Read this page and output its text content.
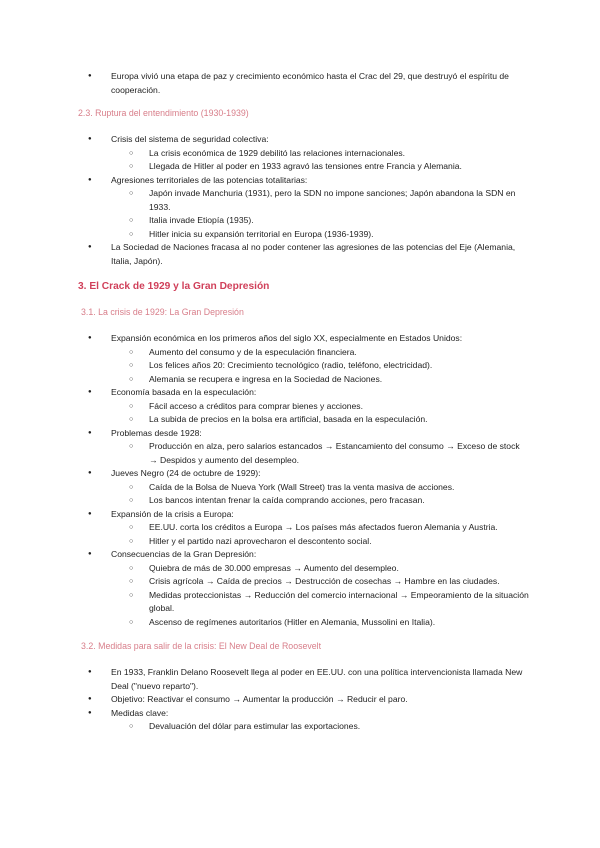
● Europa vivió una etapa de paz y crecimiento económico hasta el Crac del 29, que destruyó el espíritu de cooperación.
2.3. Ruptura del entendimiento (1930-1939)
● Crisis del sistema de seguridad colectiva:
○ La crisis económica de 1929 debilitó las relaciones internacionales.
○ Llegada de Hitler al poder en 1933 agravó las tensiones entre Francia y Alemania.
● Agresiones territoriales de las potencias totalitarias:
○ Japón invade Manchuria (1931), pero la SDN no impone sanciones; Japón abandona la SDN en 1933.
○ Italia invade Etiopía (1935).
○ Hitler inicia su expansión territorial en Europa (1936-1939).
● La Sociedad de Naciones fracasa al no poder contener las agresiones de las potencias del Eje (Alemania, Italia, Japón).
3. El Crack de 1929 y la Gran Depresión
3.1. La crisis de 1929: La Gran Depresión
● Expansión económica en los primeros años del siglo XX, especialmente en Estados Unidos:
○ Aumento del consumo y de la especulación financiera.
○ Los felices años 20: Crecimiento tecnológico (radio, teléfono, electricidad).
○ Alemania se recupera e ingresa en la Sociedad de Naciones.
● Economía basada en la especulación:
○ Fácil acceso a créditos para comprar bienes y acciones.
○ La subida de precios en la bolsa era artificial, basada en la especulación.
● Problemas desde 1928:
○ Producción en alza, pero salarios estancados → Estancamiento del consumo → Exceso de stock → Despidos y aumento del desempleo.
● Jueves Negro (24 de octubre de 1929):
○ Caída de la Bolsa de Nueva York (Wall Street) tras la venta masiva de acciones.
○ Los bancos intentan frenar la caída comprando acciones, pero fracasan.
● Expansión de la crisis a Europa:
○ EE.UU. corta los créditos a Europa → Los países más afectados fueron Alemania y Austria.
○ Hitler y el partido nazi aprovecharon el descontento social.
● Consecuencias de la Gran Depresión:
○ Quiebra de más de 30.000 empresas → Aumento del desempleo.
○ Crisis agrícola → Caída de precios → Destrucción de cosechas → Hambre en las ciudades.
○ Medidas proteccionistas → Reducción del comercio internacional → Empeoramiento de la situación global.
○ Ascenso de regímenes autoritarios (Hitler en Alemania, Mussolini en Italia).
3.2. Medidas para salir de la crisis: El New Deal de Roosevelt
● En 1933, Franklin Delano Roosevelt llega al poder en EE.UU. con una política intervencionista llamada New Deal ("nuevo reparto").
● Objetivo: Reactivar el consumo → Aumentar la producción → Reducir el paro.
● Medidas clave:
○ Devaluación del dólar para estimular las exportaciones.
